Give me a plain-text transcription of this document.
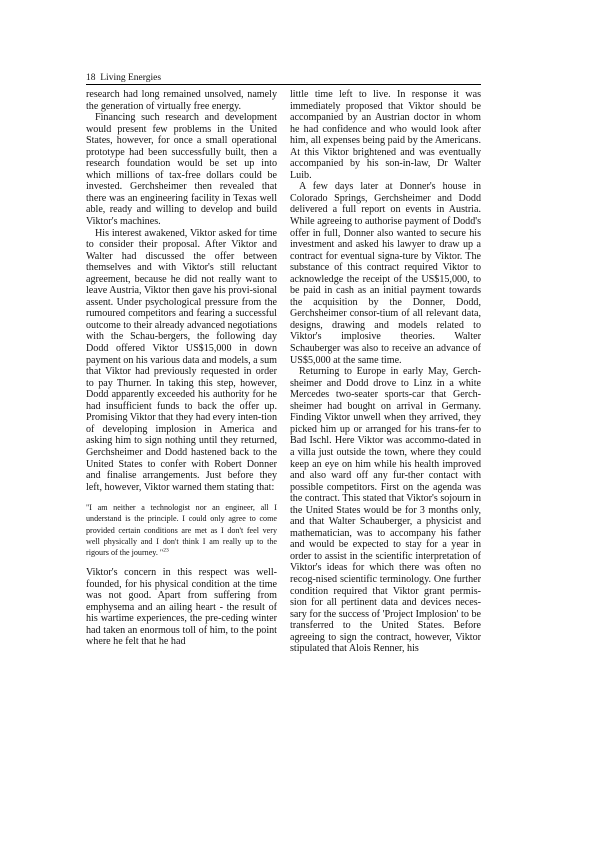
18 Living Energies

research had long remained unsolved, namely the generation of virtually free energy.

Financing such research and development would present few problems in the United States, however, for once a small operational prototype had been successfully built, then a research foundation would be set up into which millions of tax-free dollars could be invested. Gerchsheimer then revealed that there was an engineering facility in Texas well able, ready and willing to develop and build Viktor's machines.

His interest awakened, Viktor asked for time to consider their proposal. After Viktor and Walter had discussed the offer between themselves and with Viktor's still reluctant agreement, because he did not really want to leave Austria, Viktor then gave his provi-sional assent. Under psychological pressure from the rumoured competitors and fearing a successful outcome to their already advanced negotiations with the Schau-bergers, the following day Dodd offered Viktor US$15,000 in down payment on his various data and models, a sum that Viktor had previously requested in order to pay Thurner. In taking this step, however, Dodd apparently exceeded his authority for he had insufficient funds to back the offer up. Promising Viktor that they had every inten-tion of developing implosion in America and asking him to sign nothing until they returned, Gerchsheimer and Dodd hastened back to the United States to confer with Robert Donner and finalise arrangements. Just before they left, however, Viktor warned them stating that:

"I am neither a technologist nor an engineer, all I understand is the principle. I could only agree to come provided certain conditions are met as I don't feel very well physically and I don't think I am really up to the rigours of the journey. "$^{23}$

Viktor's concern in this respect was well-founded, for his physical condition at the time was not good. Apart from suffering from emphysema and an ailing heart - the result of his wartime experiences, the pre-ceding winter had taken an enormous toll of him, to the point where he felt that he had

little time left to live. In response it was immediately proposed that Viktor should be accompanied by an Austrian doctor in whom he had confidence and who would look after him, all expenses being paid by the Americans. At this Viktor brightened and was eventually accompanied by his son-in-law, Dr Walter Luib.

A few days later at Donner's house in Colorado Springs, Gerchsheimer and Dodd delivered a full report on events in Austria. While agreeing to authorise payment of Dodd's offer in full, Donner also wanted to secure his investment and asked his lawyer to draw up a contract for eventual signa-ture by Viktor. The substance of this contract required Viktor to acknowledge the receipt of the US$15,000, to be paid in cash as an initial payment towards the acquisition by the Donner, Dodd, Gerchsheimer consor-tium of all relevant data, designs, drawing and models related to Viktor's implosive theories. Walter Schauberger was also to receive an advance of US$5,000 at the same time.

Returning to Europe in early May, Gerch-sheimer and Dodd drove to Linz in a white Mercedes two-seater sports-car that Gerch-sheimer had bought on arrival in Germany. Finding Viktor unwell when they arrived, they picked him up or arranged for his trans-fer to Bad Ischl. Here Viktor was accommo-dated in a villa just outside the town, where they could keep an eye on him while his health improved and also ward off any fur-ther contact with possible competitors. First on the agenda was the contract. This stated that Viktor's sojourn in the United States would be for 3 months only, and that Walter Schauberger, a physicist and mathematician, was to accompany his father and would be expected to stay for a year in order to assist in the scientific interpretation of Viktor's ideas for which there was often no recog-nised scientific terminology. One further condition required that Viktor grant permis-sion for all pertinent data and devices neces-sary for the success of 'Project Implosion' to be transferred to the United States. Before agreeing to sign the contract, however, Viktor stipulated that Alois Renner, his
